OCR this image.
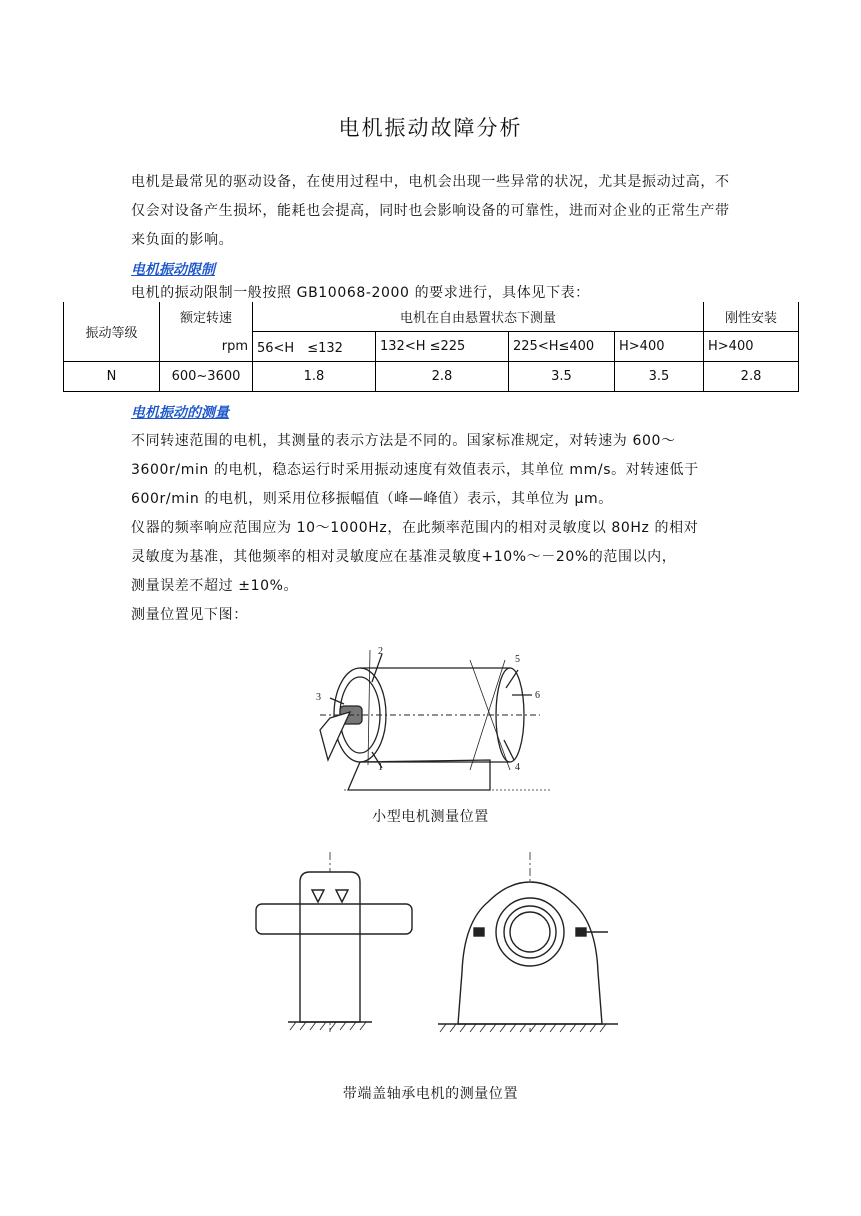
电机振动故障分析
电机是最常见的驱动设备，在使用过程中，电机会出现一些异常的状况，尤其是振动过高，不仅会对设备产生损坏，能耗也会提高，同时也会影响设备的可靠性，进而对企业的正常生产带来负面的影响。
电机振动限制
电机的振动限制一般按照 GB10068-2000 的要求进行，具体见下表：
振动等级	额定转速	电机在自由悬置状态下测量				刚性安装
	rpm	56<H　≤132	132<H ≤225	225<H≤400	H>400	H>400
N	600~3600	1.8	2.8	3.5	3.5	2.8
电机振动的测量
不同转速范围的电机，其测量的表示方法是不同的。国家标准规定，对转速为 600～
3600r/min 的电机，稳态运行时采用振动速度有效值表示，其单位 mm/s。对转速低于
600r/min 的电机，则采用位移振幅值（峰—峰值）表示，其单位为 μm。
仪器的频率响应范围应为 10～1000Hz，在此频率范围内的相对灵敏度以 80Hz 的相对
灵敏度为基准，其他频率的相对灵敏度应在基准灵敏度+10%～－20%的范围以内，
测量误差不超过 ±10%。
测量位置见下图：
1
2
3
4
5
6
小型电机测量位置
带端盖轴承电机的测量位置
